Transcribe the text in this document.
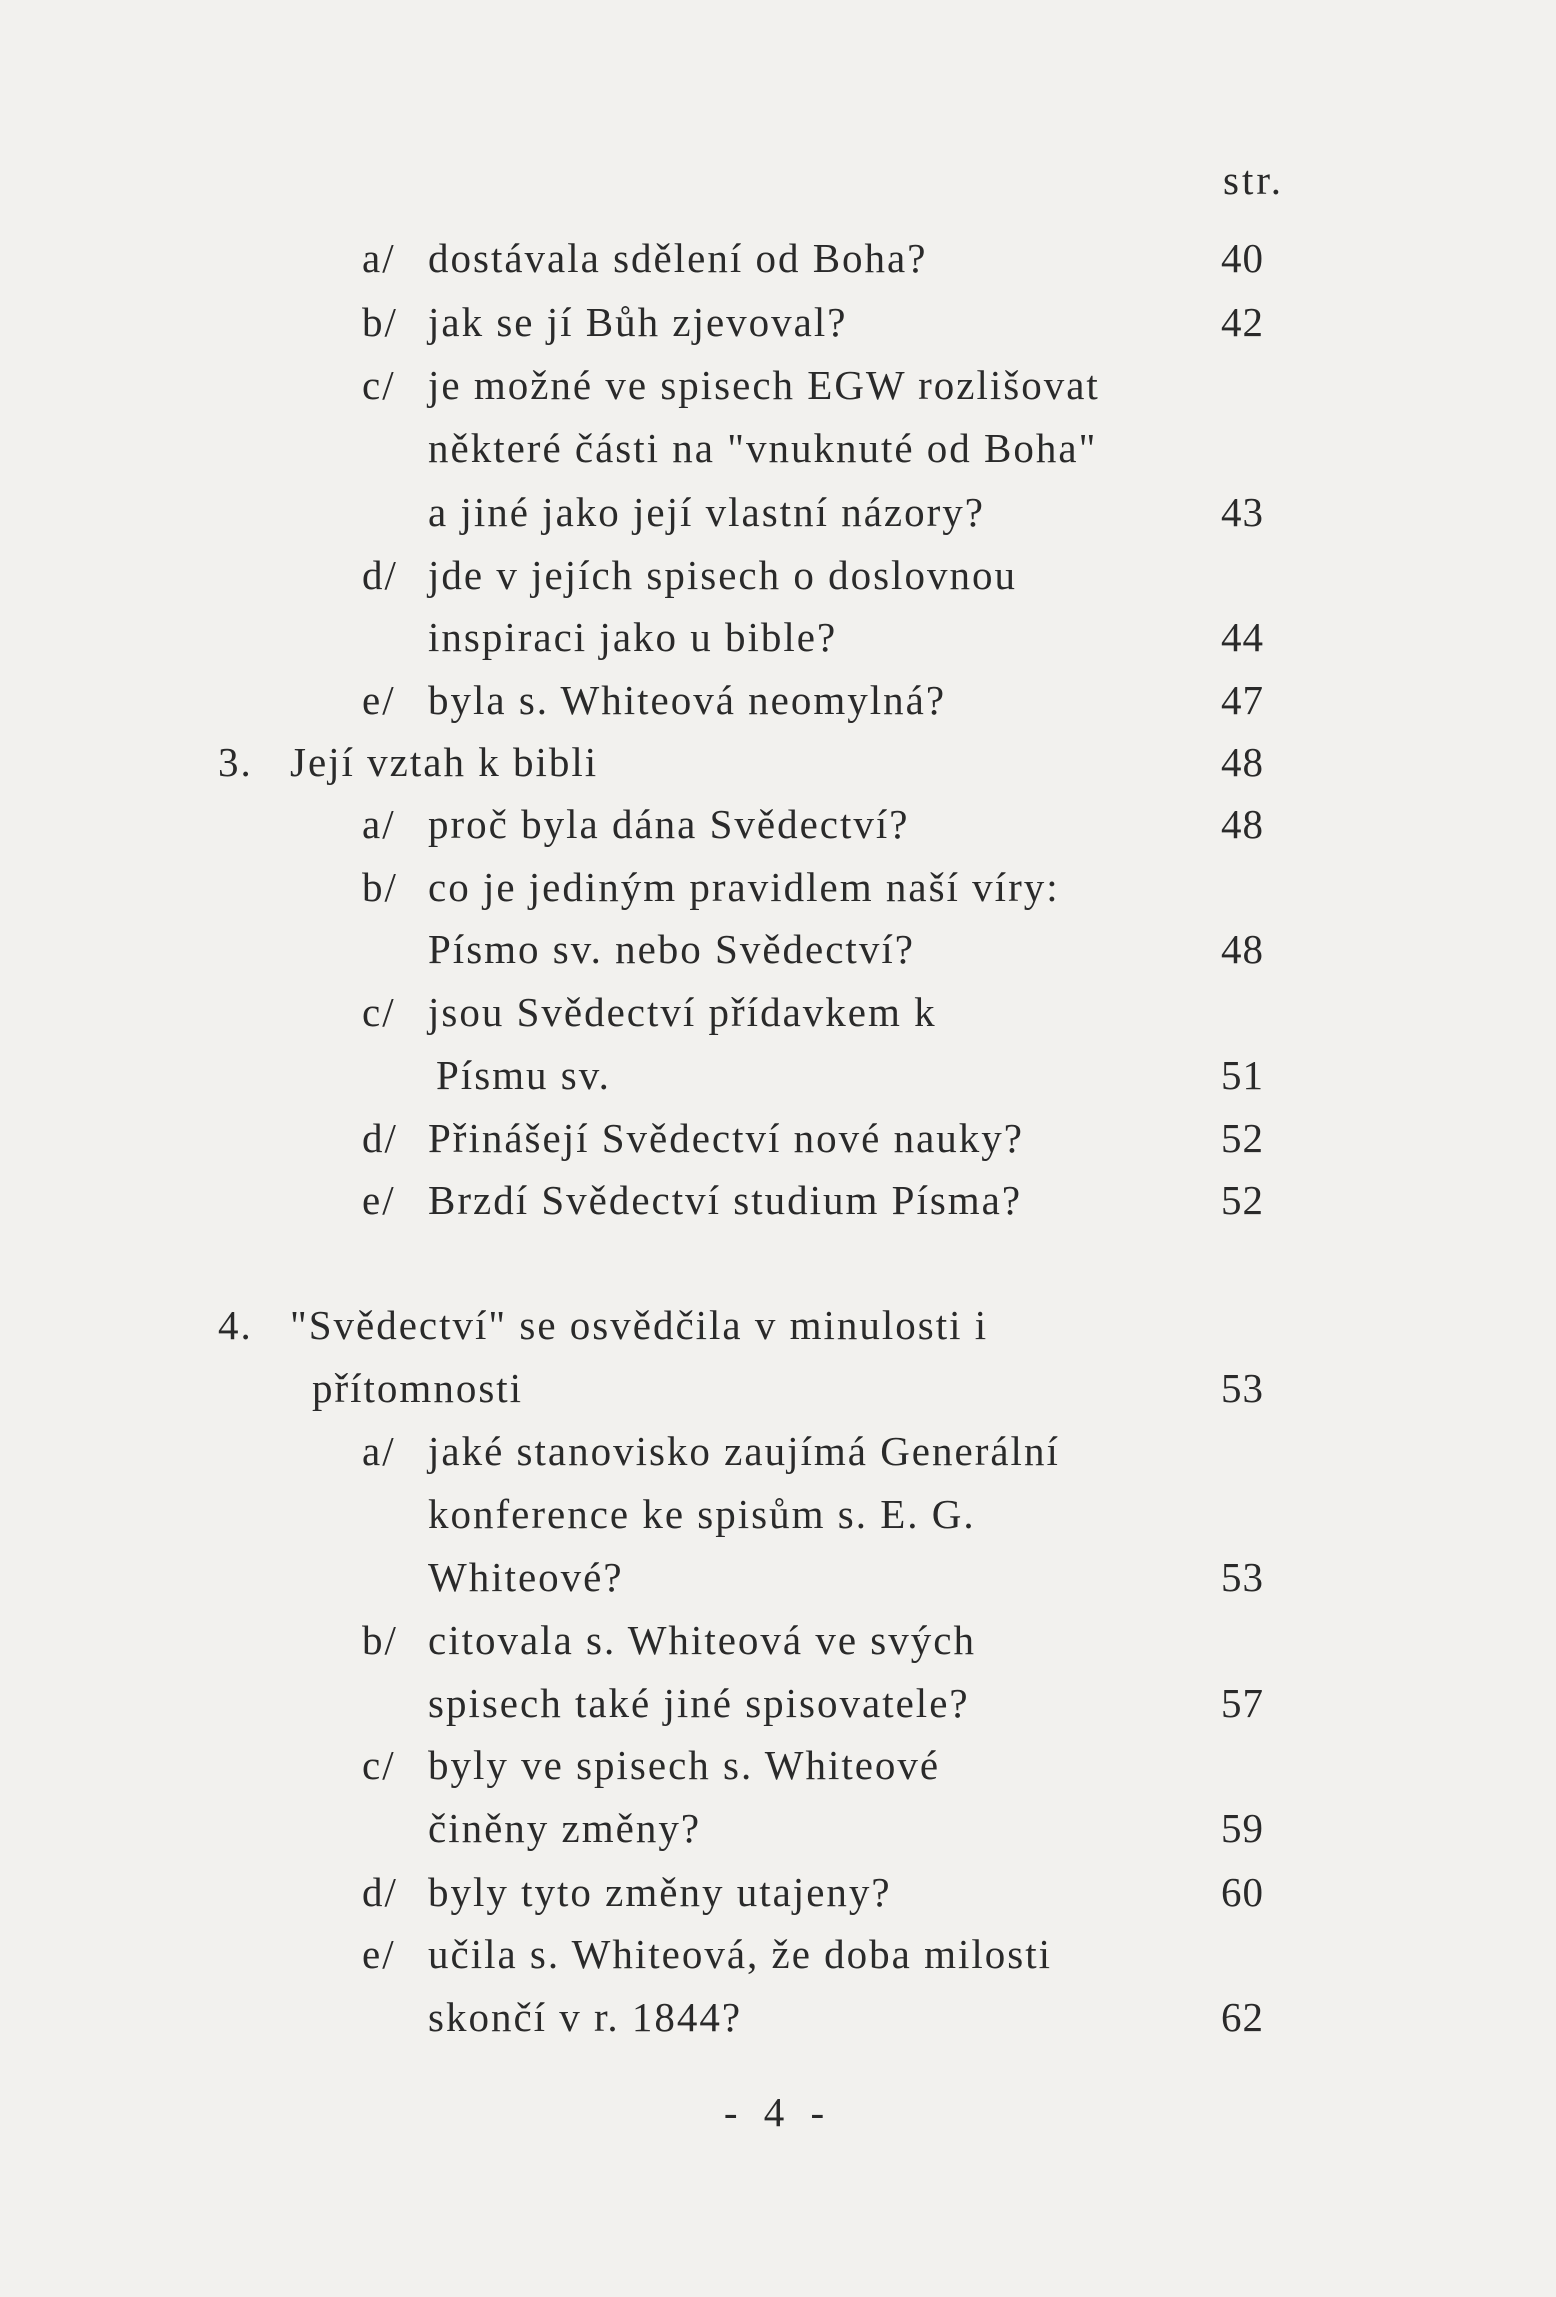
str.
a/ dostávala sdělení od Boha?	40
b/ jak se jí Bůh zjevoval?	42
c/ je možné ve spisech EGW rozlišovat
některé části na "vnuknuté od Boha"
a jiné jako její vlastní názory?	43
d/ jde v jejích spisech o doslovnou
inspiraci jako u bible?	44
e/ byla s. Whiteová neomylná?	47
3. Její vztah k bibli	48
a/ proč byla dána Svědectví?	48
b/ co je jediným pravidlem naší víry:
Písmo sv. nebo Svědectví?	48
c/ jsou Svědectví přídavkem k
Písmu sv.	51
d/ Přinášejí Svědectví nové nauky?	52
e/ Brzdí Svědectví studium Písma?	52
4. "Svědectví" se osvědčila v minulosti i
přítomnosti	53
a/ jaké stanovisko zaujímá Generální
konference ke spisům s. E. G.
Whiteové?	53
b/ citovala s. Whiteová ve svých
spisech také jiné spisovatele?	57
c/ byly ve spisech s. Whiteové
činěny změny?	59
d/ byly tyto změny utajeny?	60
e/ učila s. Whiteová, že doba milosti
skončí v r. 1844?	62
- 4 -
